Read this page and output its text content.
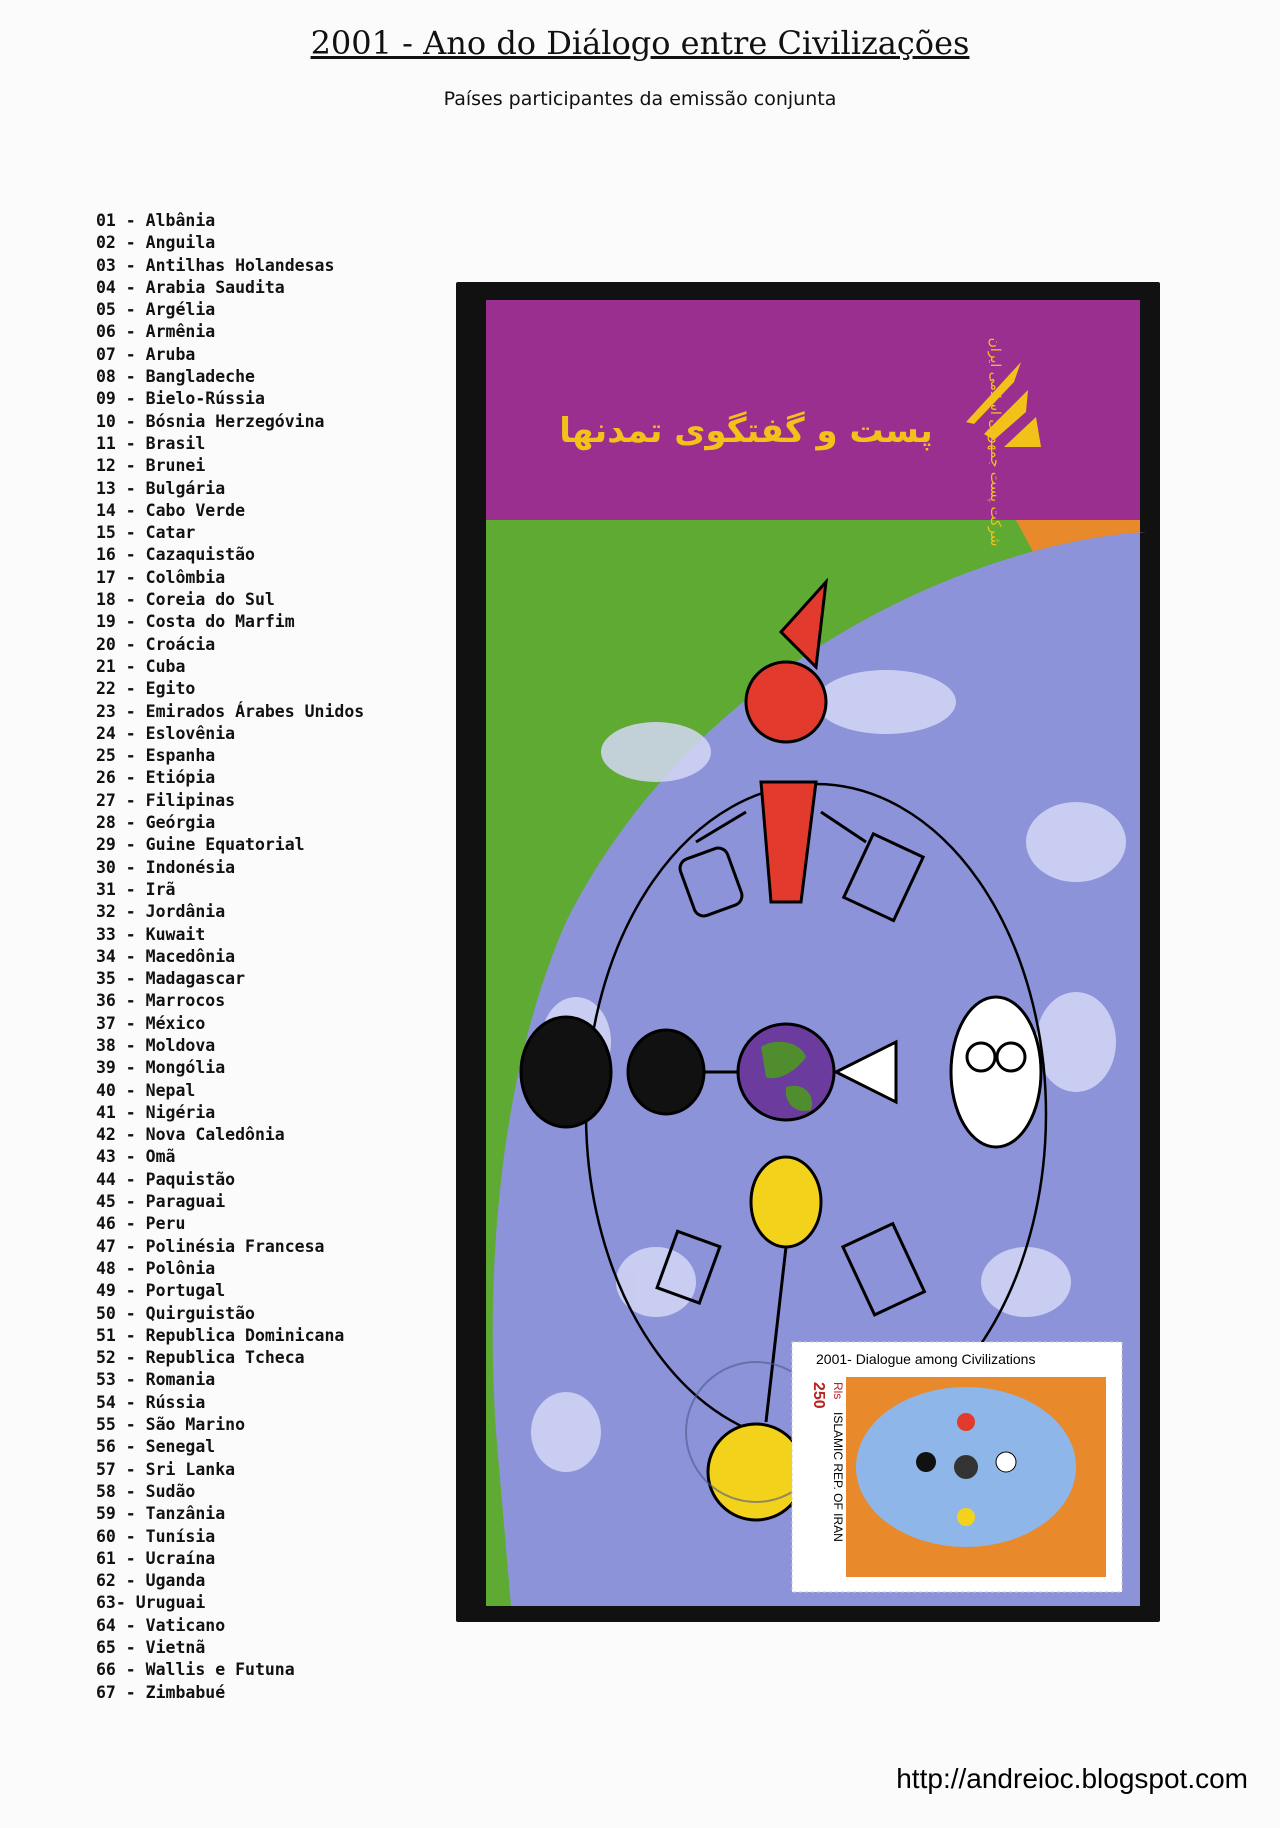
2001 - Ano do Diálogo entre Civilizações
Países participantes da emissão conjunta
01 - Albânia
02 - Anguila
03 - Antilhas Holandesas
04 - Arabia Saudita
05 - Argélia
06 - Armênia
07 - Aruba
08 - Bangladeche
09 - Bielo-Rússia
10 - Bósnia Herzegóvina
11 - Brasil
12 - Brunei
13 - Bulgária
14 - Cabo Verde
15 - Catar
16 - Cazaquistão
17 - Colômbia
18 - Coreia do Sul
19 - Costa do Marfim
20 - Croácia
21 - Cuba
22 - Egito
23 - Emirados Árabes Unidos
24 - Eslovênia
25 - Espanha
26 - Etiópia
27 - Filipinas
28 - Geórgia
29 - Guine Equatorial
30 - Indonésia
31 - Irã
32 - Jordânia
33 - Kuwait
34 - Macedônia
35 - Madagascar
36 - Marrocos
37 - México
38 - Moldova
39 - Mongólia
40 - Nepal
41 - Nigéria
42 - Nova Caledônia
43 - Omã
44 - Paquistão
45 - Paraguai
46 - Peru
47 - Polinésia Francesa
48 - Polônia
49 - Portugal
50 - Quirguistão
51 - Republica Dominicana
52 - Republica Tcheca
53 - Romania
54 - Rússia
55 - São Marino
56 - Senegal
57 - Sri Lanka
58 - Sudão
59 - Tanzânia
60 - Tunísia
61 - Ucraína
62 - Uganda
63- Uruguai
64 - Vaticano
65 - Vietnã
66 - Wallis e Futuna
67 - Zimbabué
شرکت پست جمهوری اسلامی ایران
پست و گفتگوی تمدنها
2001- Dialogue among Civilizations
250 Rls
ISLAMIC REP. OF IRAN
http://andreioc.blogspot.com
